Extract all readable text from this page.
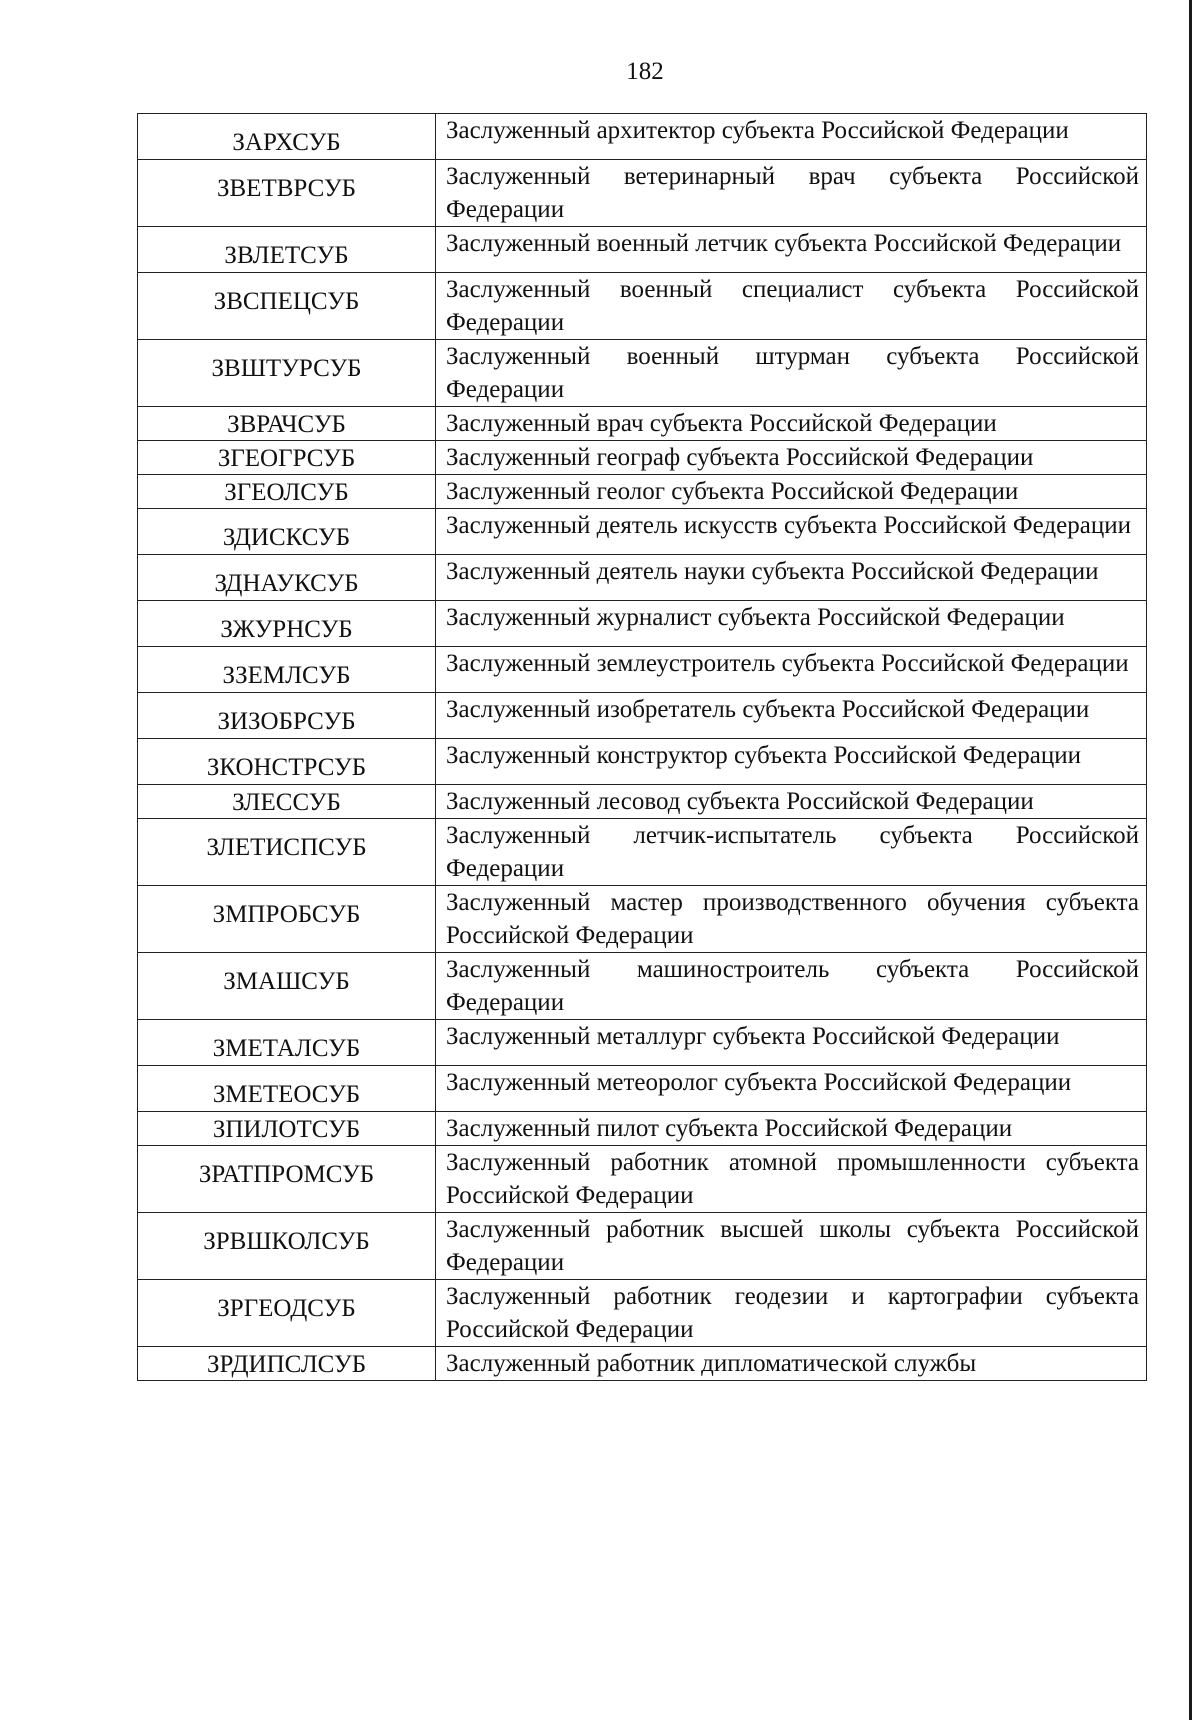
182
ЗАРХСУБ	Заслуженный архитектор субъекта Российской Федерации
ЗВЕТВРСУБ	Заслуженный ветеринарный врач субъекта Российской Федерации
ЗВЛЕТСУБ	Заслуженный военный летчик субъекта Российской Федерации
ЗВСПЕЦСУБ	Заслуженный военный специалист субъекта Российской Федерации
ЗВШТУРСУБ	Заслуженный военный штурман субъекта Российской Федерации
ЗВРАЧСУБ	Заслуженный врач субъекта Российской Федерации
ЗГЕОГРСУБ	Заслуженный географ субъекта Российской Федерации
ЗГЕОЛСУБ	Заслуженный геолог субъекта Российской Федерации
ЗДИСКСУБ	Заслуженный деятель искусств субъекта Российской Федерации
ЗДНАУКСУБ	Заслуженный деятель науки субъекта Российской Федерации
ЗЖУРНСУБ	Заслуженный журналист субъекта Российской Федерации
ЗЗЕМЛСУБ	Заслуженный землеустроитель субъекта Российской Федерации
ЗИЗОБРСУБ	Заслуженный изобретатель субъекта Российской Федерации
ЗКОНСТРСУБ	Заслуженный конструктор субъекта Российской Федерации
ЗЛЕССУБ	Заслуженный лесовод субъекта Российской Федерации
ЗЛЕТИСПСУБ	Заслуженный летчик-испытатель субъекта Российской Федерации
ЗМПРОБСУБ	Заслуженный мастер производственного обучения субъекта Российской Федерации
ЗМАШСУБ	Заслуженный машиностроитель субъекта Российской Федерации
ЗМЕТАЛСУБ	Заслуженный металлург субъекта Российской Федерации
ЗМЕТЕОСУБ	Заслуженный метеоролог субъекта Российской Федерации
ЗПИЛОТСУБ	Заслуженный пилот субъекта Российской Федерации
ЗРАТПРОМСУБ	Заслуженный работник атомной промышленности субъекта Российской Федерации
ЗРВШКОЛСУБ	Заслуженный работник высшей школы субъекта Российской Федерации
ЗРГЕОДСУБ	Заслуженный работник геодезии и картографии субъекта Российской Федерации
ЗРДИПСЛСУБ	Заслуженный работник дипломатической службы
